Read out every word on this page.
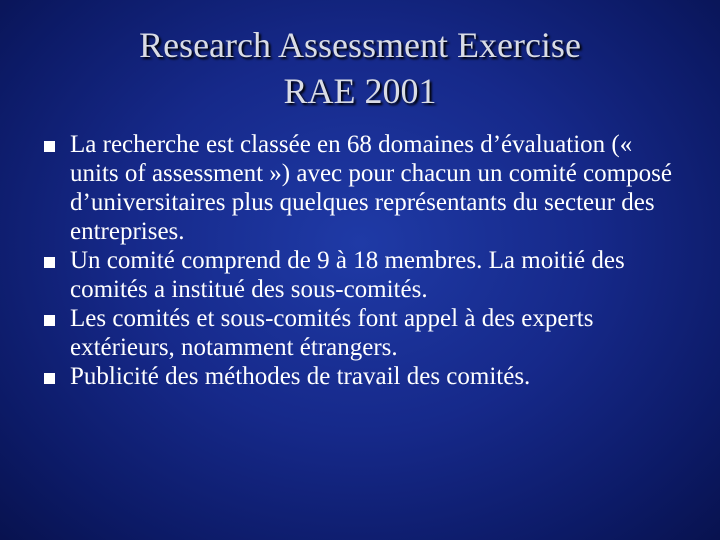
Research Assessment Exercise
RAE 2001
La recherche est classée en 68 domaines d’évaluation (« units of assessment ») avec pour chacun un comité composé d’universitaires plus quelques représentants du secteur des entreprises.
Un comité comprend de 9 à 18 membres. La moitié des comités a institué des sous-comités.
Les comités et sous-comités font appel à des experts extérieurs, notamment étrangers.
Publicité des méthodes de travail des comités.
